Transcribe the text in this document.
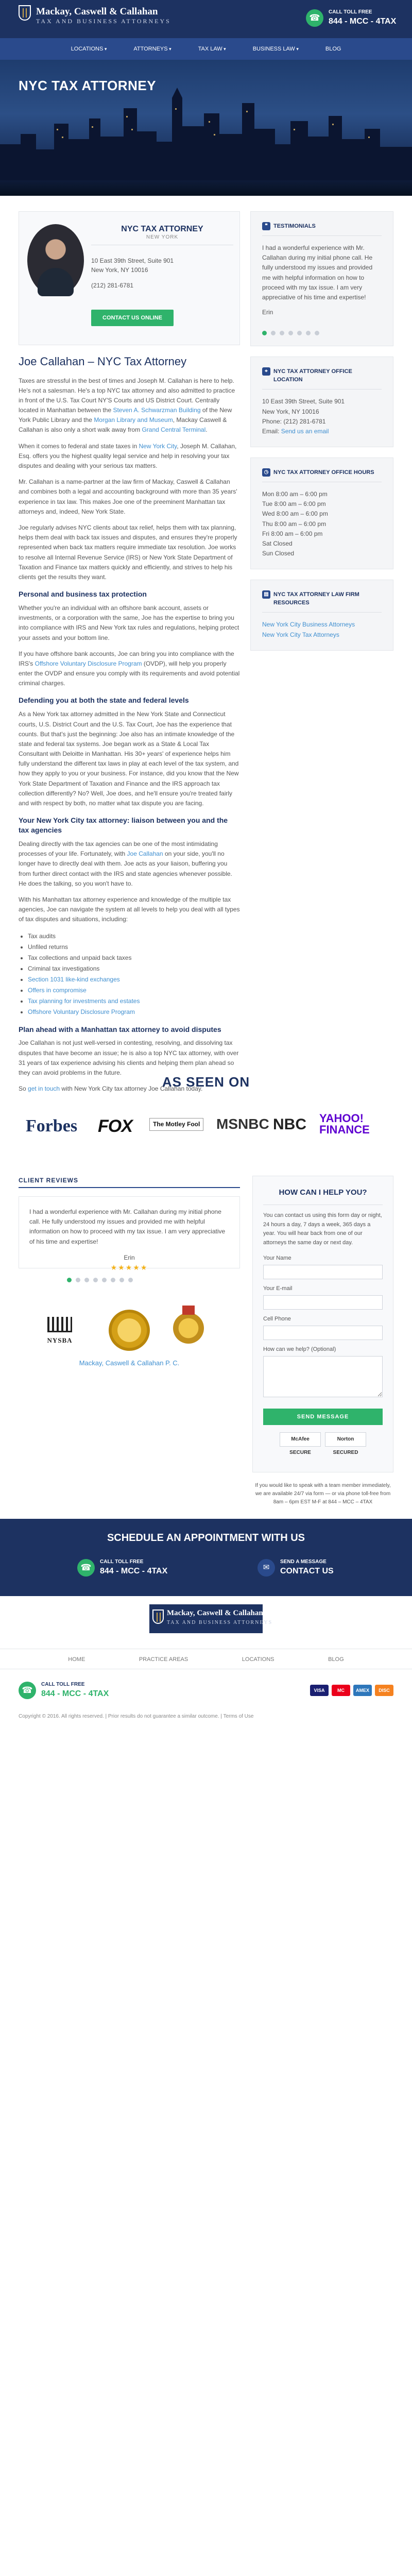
Mackay, Caswell & Callahan
TAX AND BUSINESS ATTORNEYS	☎
CALL TOLL FREE
844 - MCC - 4TAX
LOCATIONS ▾	ATTORNEYS ▾	TAX LAW ▾	BUSINESS LAW ▾	BLOG
NYC TAX ATTORNEY
NYC TAX ATTORNEY
NEW YORK
10 East 39th Street, Suite 901
New York, NY 10016
(212) 281-6781
CONTACT US ONLINE
Joe Callahan – NYC Tax Attorney

Taxes are stressful in the best of times and Joseph M. Callahan is here to help. He's not a salesman. He's a top NYC tax attorney and also admitted to practice in front of the U.S. Tax Court NY'S Courts and US District Court. Centrally located in Manhattan between the Steven A. Schwarzman Building of the New York Public Library and the Morgan Library and Museum, Mackay Caswell & Callahan is also only a short walk away from Grand Central Terminal.

When it comes to federal and state taxes in New York City, Joseph M. Callahan, Esq. offers you the highest quality legal service and help in resolving your tax disputes and dealing with your serious tax matters.

Mr. Callahan is a name-partner at the law firm of Mackay, Caswell & Callahan and combines both a legal and accounting background with more than 35 years' experience in tax law. This makes Joe one of the preeminent Manhattan tax attorneys and, indeed, New York State.

Joe regularly advises NYC clients about tax relief, helps them with tax planning, helps them deal with back tax issues and disputes, and ensures they're properly represented when back tax matters require immediate tax resolution. Joe works to resolve all Internal Revenue Service (IRS) or New York State Department of Taxation and Finance tax matters quickly and efficiently, and strives to help his clients get the results they want.

Personal and business tax protection

Whether you're an individual with an offshore bank account, assets or investments, or a corporation with the same, Joe has the expertise to bring you into compliance with IRS and New York tax rules and regulations, helping protect your assets and your bottom line.

If you have offshore bank accounts, Joe can bring you into compliance with the IRS's Offshore Voluntary Disclosure Program (OVDP), will help you properly enter the OVDP and ensure you comply with its requirements and avoid potential criminal charges.

Defending you at both the state and federal levels

As a New York tax attorney admitted in the New York State and Connecticut courts, U.S. District Court and the U.S. Tax Court, Joe has the experience that counts. But that's just the beginning: Joe also has an intimate knowledge of the state and federal tax systems. Joe began work as a State & Local Tax Consultant with Deloitte in Manhattan. His 30+ years' of experience helps him fully understand the different tax laws in play at each level of the tax system, and how they apply to you or your business. For instance, did you know that the New York State Department of Taxation and Finance and the IRS approach tax collection differently? No? Well, Joe does, and he'll ensure you're treated fairly and with respect by both, no matter what tax dispute you are facing.

Your New York City tax attorney: liaison between you and the tax agencies

Dealing directly with the tax agencies can be one of the most intimidating processes of your life. Fortunately, with Joe Callahan on your side, you'll no longer have to directly deal with them. Joe acts as your liaison, buffering you from further direct contact with the IRS and state agencies whenever possible. He does the talking, so you won't have to.

With his Manhattan tax attorney experience and knowledge of the multiple tax agencies, Joe can navigate the system at all levels to help you deal with all types of tax disputes and situations, including:

• Tax audits
• Unfiled returns
• Tax collections and unpaid back taxes
• Criminal tax investigations
• Section 1031 like-kind exchanges
• Offers in compromise
• Tax planning for investments and estates
• Offshore Voluntary Disclosure Program
Plan ahead with a Manhattan tax attorney to avoid disputes

Joe Callahan is not just well-versed in contesting, resolving, and dissolving tax disputes that have become an issue; he is also a top NYC tax attorney, with over 31 years of tax experience advising his clients and helping them plan ahead so they can avoid problems in the future.

So get in touch with New York City tax attorney Joe Callahan today.

❝	TESTIMONIALS

I had a wonderful experience with Mr. Callahan during my initial phone call. He fully understood my issues and provided me with helpful information on how to proceed with my tax issue. I am very appreciative of his time and expertise!

Erin

⌖	NYC TAX ATTORNEY OFFICE LOCATION
10 East 39th Street, Suite 901
New York, NY 10016
Phone: (212) 281-6781
Email: Send us an email
◷ NYC TAX ATTORNEY OFFICE HOURS
Mon 8:00 am – 6:00 pm
Tue 8:00 am – 6:00 pm
Wed 8:00 am – 6:00 pm
Thu 8:00 am – 6:00 pm
Fri 8:00 am – 6:00 pm
Sat Closed
Sun Closed
▤ NYC TAX ATTORNEY LAW FIRM RESOURCES
New York City Business Attorneys
New York City Tax Attorneys
AS SEEN ON
Forbes FOX	The Motley Fool MSNBC NBC YAHOO! FINANCE
CLIENT REVIEWS
I had a wonderful experience with Mr. Callahan during my initial phone call. He fully understood my issues and provided me with helpful information on how to proceed with my tax issue. I am very appreciative of his time and expertise!
Erin
★★★★★
NYSBA
Mackay, Caswell & Callahan P. C.
HOW CAN I HELP YOU?
You can contact us using this form day or night, 24 hours a day, 7 days a week, 365 days a year. You will hear back from one of our attorneys the same day or next day.
Your Name
Your E-mail
Cell Phone
How can we help? (Optional)
SEND MESSAGE
McAfee SECURE
Norton SECURED
If you would like to speak with a team member immediately, we are available 24/7 via form — or via phone toll-free from 8am – 6pm EST M-F at 844 – MCC – 4TAX
SCHEDULE AN APPOINTMENT WITH US
☎
CALL TOLL FREE
844 - MCC - 4TAX	✉
SEND A MESSAGE
CONTACT US
Mackay, Caswell & Callahan
TAX AND BUSINESS ATTORNEYS
HOME	PRACTICE AREAS	LOCATIONS	BLOG
☎
CALL TOLL FREE
844 - MCC - 4TAX	VISA	MC	AMEX	DISC
Copyright © 2016. All rights reserved. | Prior results do not guarantee a similar outcome. | Terms of Use
